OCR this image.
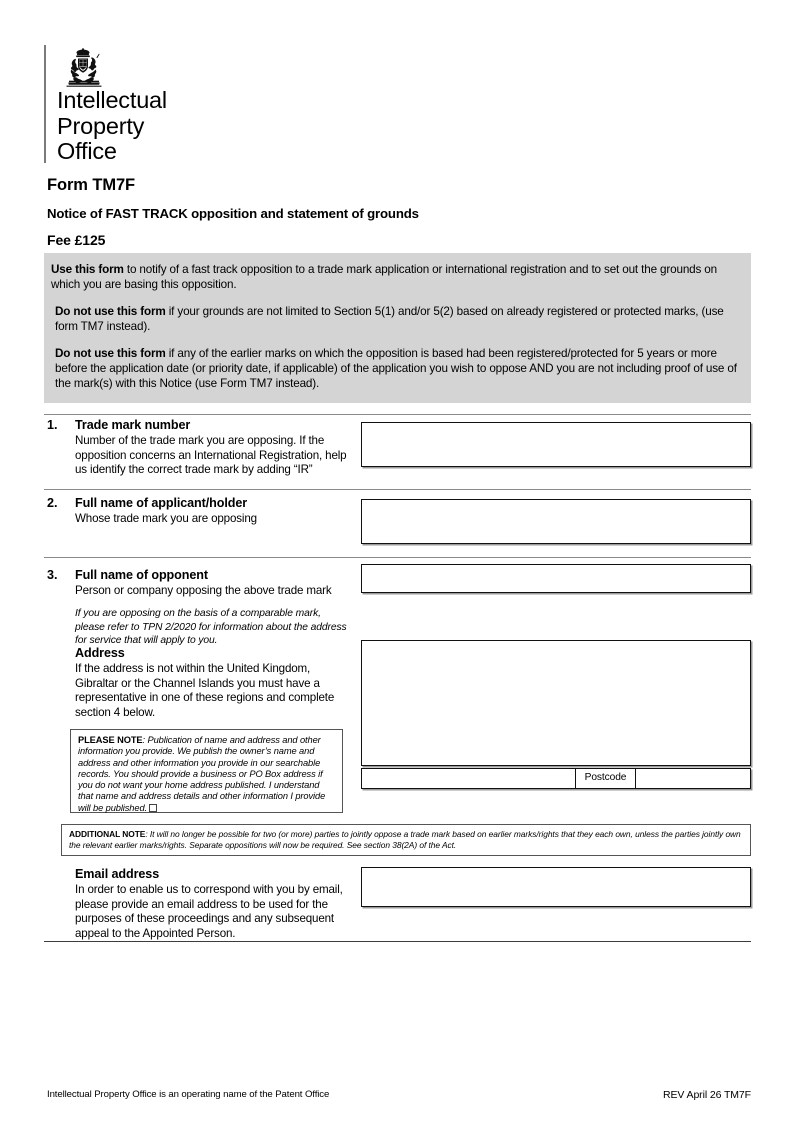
Intellectual
Property
Office
Form TM7F
Notice of FAST TRACK opposition and statement of grounds
Fee £125

Use this form to notify of a fast track opposition to a trade mark application or international registration and to set out the grounds on which you are basing this opposition.

Do not use this form if your grounds are not limited to Section 5(1) and/or 5(2) based on already registered or protected marks, (use form TM7 instead).

Do not use this form if any of the earlier marks on which the opposition is based had been registered/protected for 5 years or more before the application date (or priority date, if applicable) of the application you wish to oppose AND you are not including proof of use of the mark(s) with this Notice (use Form TM7 instead).

1. Trade mark number
Number of the trade mark you are opposing. If the opposition concerns an International Registration, help us identify the correct trade mark by adding “IR”
2. Full name of applicant/holder
Whose trade mark you are opposing
3. Full name of opponent
Person or company opposing the above trade mark
If you are opposing on the basis of a comparable mark, please refer to TPN 2/2020 for information about the address for service that will apply to you.
Address
If the address is not within the United Kingdom, Gibraltar or the Channel Islands you must have a representative in one of these regions and complete section 4 below.
Postcode
PLEASE NOTE: Publication of name and address and other information you provide. We publish the owner’s name and address and other information you provide in our searchable records. You should provide a business or PO Box address if you do not want your home address published. I understand that name and address details and other information I provide will be published.
ADDITIONAL NOTE: It will no longer be possible for two (or more) parties to jointly oppose a trade mark based on earlier marks/rights that they each own, unless the parties jointly own the relevant earlier marks/rights. Separate oppositions will now be required. See section 38(2A) of the Act.
Email address
In order to enable us to correspond with you by email, please provide an email address to be used for the purposes of these proceedings and any subsequent appeal to the Appointed Person.
Intellectual Property Office is an operating name of the Patent Office	REV April 26 TM7F
